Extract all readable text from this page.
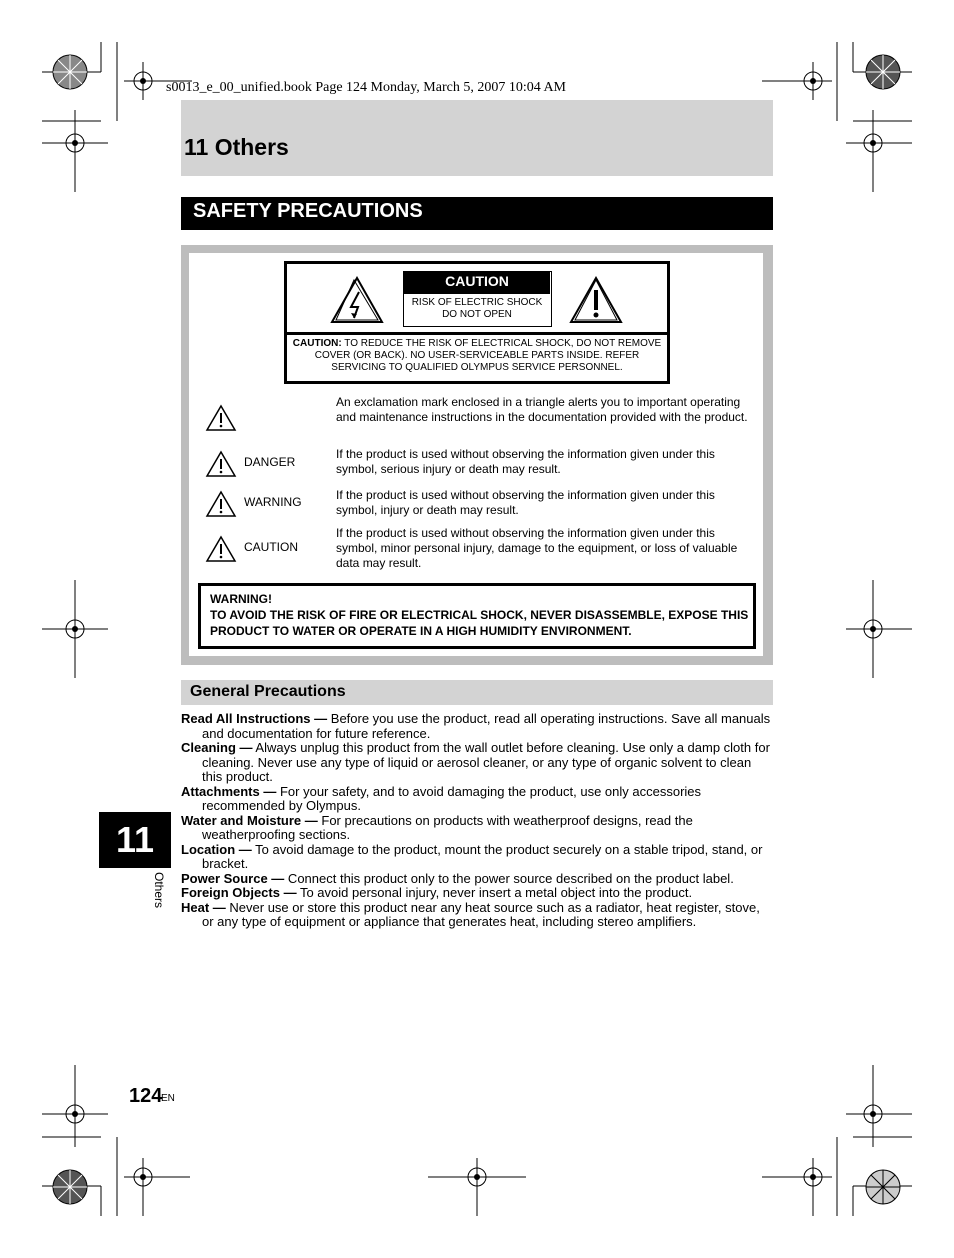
s0013_e_00_unified.book Page 124 Monday, March 5, 2007 10:04 AM
11 Others
SAFETY PRECAUTIONS
CAUTION
RISK OF ELECTRIC SHOCK
DO NOT OPEN
CAUTION: TO REDUCE THE RISK OF ELECTRICAL SHOCK, DO NOT REMOVE COVER (OR BACK). NO USER-SERVICEABLE PARTS INSIDE. REFER SERVICING TO QUALIFIED OLYMPUS SERVICE PERSONNEL.
An exclamation mark enclosed in a triangle alerts you to important operating and maintenance instructions in the documentation provided with the product.
DANGER
If the product is used without observing the information given under this symbol, serious injury or death may result.
WARNING	If the product is used without observing the information given under this symbol, injury or death may result.
CAUTION
If the product is used without observing the information given under this symbol, minor personal injury, damage to the equipment, or loss of valuable data may result.
WARNING!
TO AVOID THE RISK OF FIRE OR ELECTRICAL SHOCK, NEVER DISASSEMBLE, EXPOSE THIS PRODUCT TO WATER OR OPERATE IN A HIGH HUMIDITY ENVIRONMENT.
General Precautions

Read All Instructions — Before you use the product, read all operating instructions. Save all manuals and documentation for future reference.

Cleaning — Always unplug this product from the wall outlet before cleaning. Use only a damp cloth for cleaning. Never use any type of liquid or aerosol cleaner, or any type of organic solvent to clean this product.

Attachments — For your safety, and to avoid damaging the product, use only accessories recommended by Olympus.

Water and Moisture — For precautions on products with weatherproof designs, read the weatherproofing sections.

Location — To avoid damage to the product, mount the product securely on a stable tripod, stand, or bracket.

Power Source — Connect this product only to the power source described on the product label.

Foreign Objects — To avoid personal injury, never insert a metal object into the product.

Heat — Never use or store this product near any heat source such as a radiator, heat register, stove, or any type of equipment or appliance that generates heat, including stereo amplifiers.

11
Others
124
EN
